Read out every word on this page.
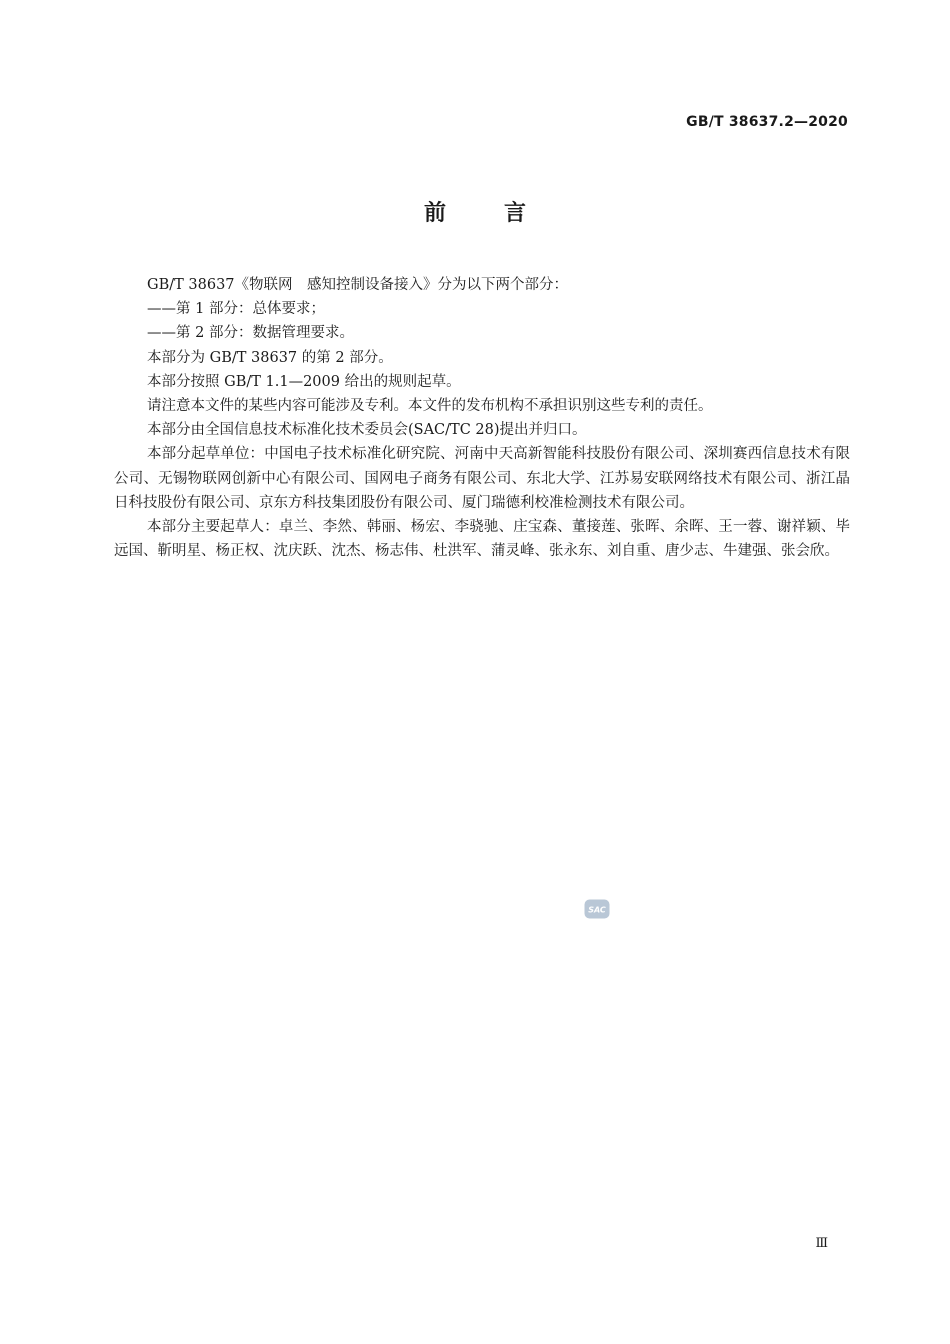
GB/T 38637.2—2020
前言

GB/T 38637《物联网　感知控制设备接入》分为以下两个部分：

——第 1 部分：总体要求；

——第 2 部分：数据管理要求。

本部分为 GB/T 38637 的第 2 部分。

本部分按照 GB/T 1.1—2009 给出的规则起草。

请注意本文件的某些内容可能涉及专利。本文件的发布机构不承担识别这些专利的责任。

本部分由全国信息技术标准化技术委员会(SAC/TC 28)提出并归口。

本部分起草单位：中国电子技术标准化研究院、河南中天高新智能科技股份有限公司、深圳赛西信息技术有限公司、无锡物联网创新中心有限公司、国网电子商务有限公司、东北大学、江苏易安联网络技术有限公司、浙江晶日科技股份有限公司、京东方科技集团股份有限公司、厦门瑞德利校准检测技术有限公司。

本部分主要起草人：卓兰、李然、韩丽、杨宏、李骁驰、庄宝森、董接莲、张晖、余晖、王一蓉、谢祥颖、毕远国、靳明星、杨正权、沈庆跃、沈杰、杨志伟、杜洪军、蒲灵峰、张永东、刘自重、唐少志、牛建强、张会欣。

SAC
Ⅲ
